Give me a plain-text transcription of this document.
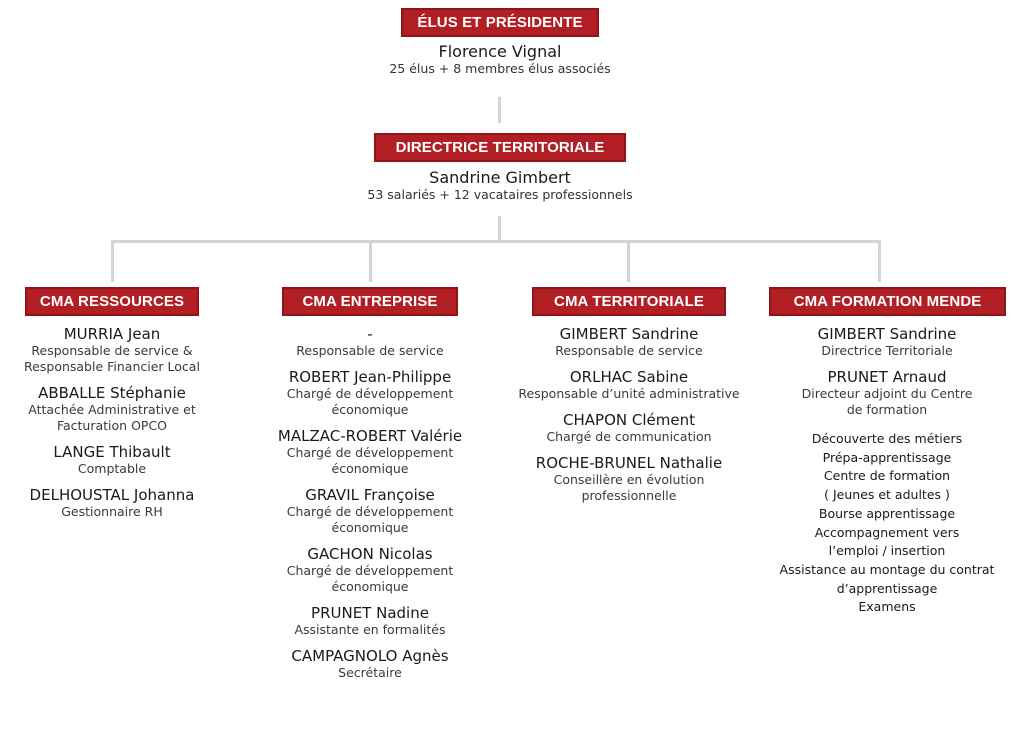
ÉLUS ET PRÉSIDENTE
Florence Vignal
25 élus + 8 membres élus associés
DIRECTRICE TERRITORIALE
Sandrine Gimbert
53 salariés + 12 vacataires professionnels
CMA RESSOURCES	CMA ENTREPRISE	CMA TERRITORIALE	CMA FORMATION MENDE
MURRIA Jean
Responsable de service &
Responsable Financier Local
ABBALLE Stéphanie
Attachée Administrative et
Facturation OPCO
LANGE Thibault
Comptable
DELHOUSTAL Johanna
Gestionnaire RH
-
Responsable de service
ROBERT Jean-Philippe
Chargé de développement
économique
MALZAC-ROBERT Valérie
Chargé de développement
économique
GRAVIL Françoise
Chargé de développement
économique
GACHON Nicolas
Chargé de développement
économique
PRUNET Nadine
Assistante en formalités
CAMPAGNOLO Agnès
Secrétaire
GIMBERT Sandrine
Responsable de service
ORLHAC Sabine
Responsable d’unité administrative
CHAPON Clément
Chargé de communication
ROCHE-BRUNEL Nathalie
Conseillère en évolution
professionnelle
GIMBERT Sandrine
Directrice Territoriale
PRUNET Arnaud
Directeur adjoint du Centre
de formation
Découverte des métiers
Prépa-apprentissage
Centre de formation
( Jeunes et adultes )
Bourse apprentissage
Accompagnement vers
l’emploi / insertion
Assistance au montage du contrat
d’apprentissage
Examens
